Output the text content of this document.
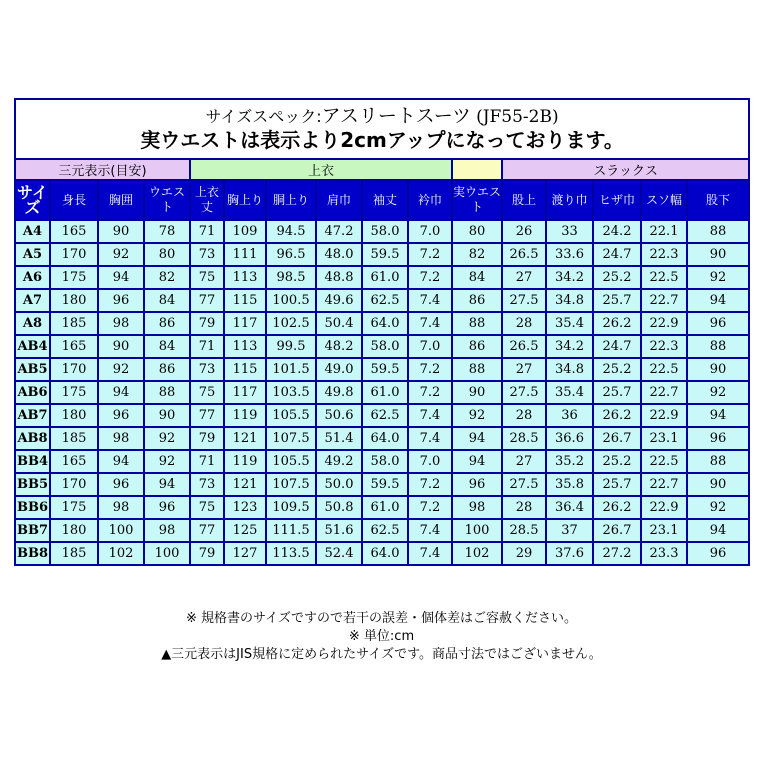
サイズスペック:アスリートスーツ (JF55-2B)
実ウエストは表示より2cmアップになっております。															

三元表示(目安)				上衣							スラックス				
サイズ	身長	胸囲	ウエスト	上衣丈	胸上り	胴上り	肩巾	袖丈	衿巾	実ウエスト	股上	渡り巾	ヒザ巾	スソ幅	股下
A4	165	90	78	71	109	94.5	47.2	58.0	7.0	80	26	33	24.2	22.1	88
A5	170	92	80	73	111	96.5	48.0	59.5	7.2	82	26.5	33.6	24.7	22.3	90
A6	175	94	82	75	113	98.5	48.8	61.0	7.2	84	27	34.2	25.2	22.5	92
A7	180	96	84	77	115	100.5	49.6	62.5	7.4	86	27.5	34.8	25.7	22.7	94
A8	185	98	86	79	117	102.5	50.4	64.0	7.4	88	28	35.4	26.2	22.9	96
AB4	165	90	84	71	113	99.5	48.2	58.0	7.0	86	26.5	34.2	24.7	22.3	88
AB5	170	92	86	73	115	101.5	49.0	59.5	7.2	88	27	34.8	25.2	22.5	90
AB6	175	94	88	75	117	103.5	49.8	61.0	7.2	90	27.5	35.4	25.7	22.7	92
AB7	180	96	90	77	119	105.5	50.6	62.5	7.4	92	28	36	26.2	22.9	94
AB8	185	98	92	79	121	107.5	51.4	64.0	7.4	94	28.5	36.6	26.7	23.1	96
BB4	165	94	92	71	119	105.5	49.2	58.0	7.0	94	27	35.2	25.2	22.5	88
BB5	170	96	94	73	121	107.5	50.0	59.5	7.2	96	27.5	35.8	25.7	22.7	90
BB6	175	98	96	75	123	109.5	50.8	61.0	7.2	98	28	36.4	26.2	22.9	92
BB7	180	100	98	77	125	111.5	51.6	62.5	7.4	100	28.5	37	26.7	23.1	94
BB8	185	102	100	79	127	113.5	52.4	64.0	7.4	102	29	37.6	27.2	23.3	96
※ 規格書のサイズですので若干の誤差・個体差はご容赦ください。
※ 単位:cm
▲三元表示はJIS規格に定められたサイズです。商品寸法ではございません。
